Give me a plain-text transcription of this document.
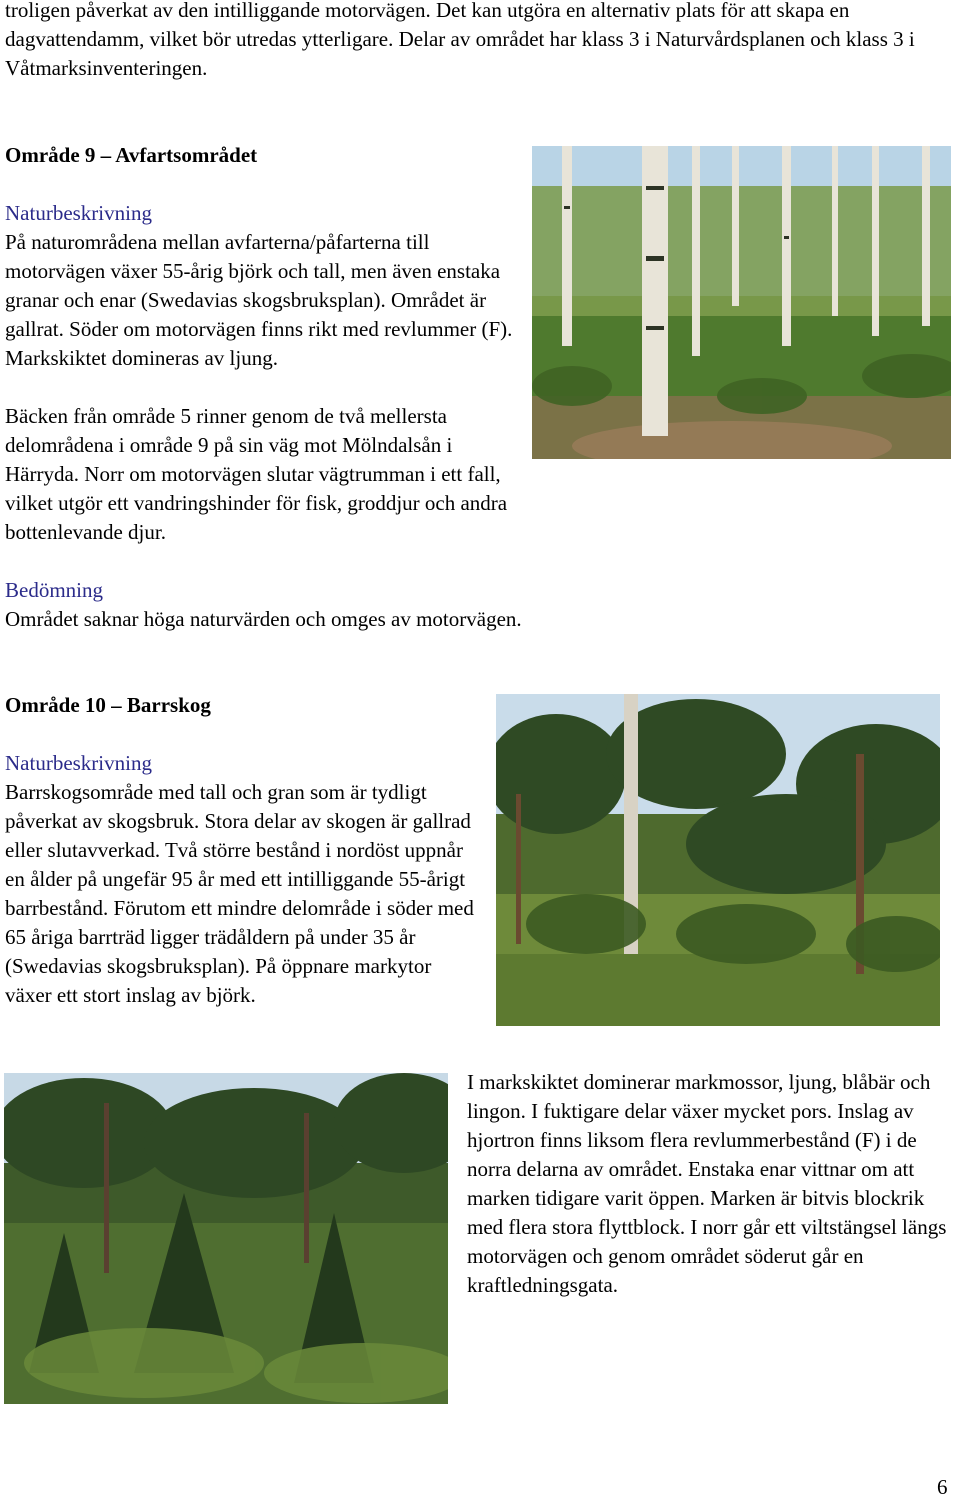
troligen påverkat av den intilliggande motorvägen. Det kan utgöra en alternativ plats för att skapa en dagvattendamm, vilket bör utredas ytterligare. Delar av området har klass 3 i Naturvårdsplanen och klass 3 i Våtmarksinventeringen.

Område 9 – Avfartsområdet

Naturbeskrivning

På naturområdena mellan avfarterna/påfarterna till motorvägen växer 55-årig björk och tall, men även enstaka granar och enar (Swedavias skogsbruksplan). Området är gallrat. Söder om motorvägen finns rikt med revlummer (F). Markskiktet domineras av ljung.

Bäcken från område 5 rinner genom de två mellersta delområdena i område 9 på sin väg mot Mölndalsån i Härryda. Norr om motorvägen slutar vägtrumman i ett fall, vilket utgör ett vandringshinder för fisk, groddjur och andra bottenlevande djur.

Bedömning

Området saknar höga naturvärden och omges av motorvägen.

Område 10 – Barrskog

Naturbeskrivning

Barrskogsområde med tall och gran som är tydligt påverkat av skogsbruk. Stora delar av skogen är gallrad eller slutavverkad. Två större bestånd i nordöst uppnår en ålder på ungefär 95 år med ett intilliggande 55-årigt barrbestånd. Förutom ett mindre delområde i söder med 65 åriga barrträd ligger trädåldern på under 35 år (Swedavias skogsbruksplan). På öppnare markytor växer ett stort inslag av björk.

I markskiktet dominerar markmossor, ljung, blåbär och lingon. I fuktigare delar växer mycket pors. Inslag av hjortron finns liksom flera revlummerbestånd (F) i de norra delarna av området. Enstaka enar vittnar om att marken tidigare varit öppen. Marken är bitvis blockrik med flera stora flyttblock. I norr går ett viltstängsel längs motorvägen och genom området söderut går en kraftledningsgata.

6
